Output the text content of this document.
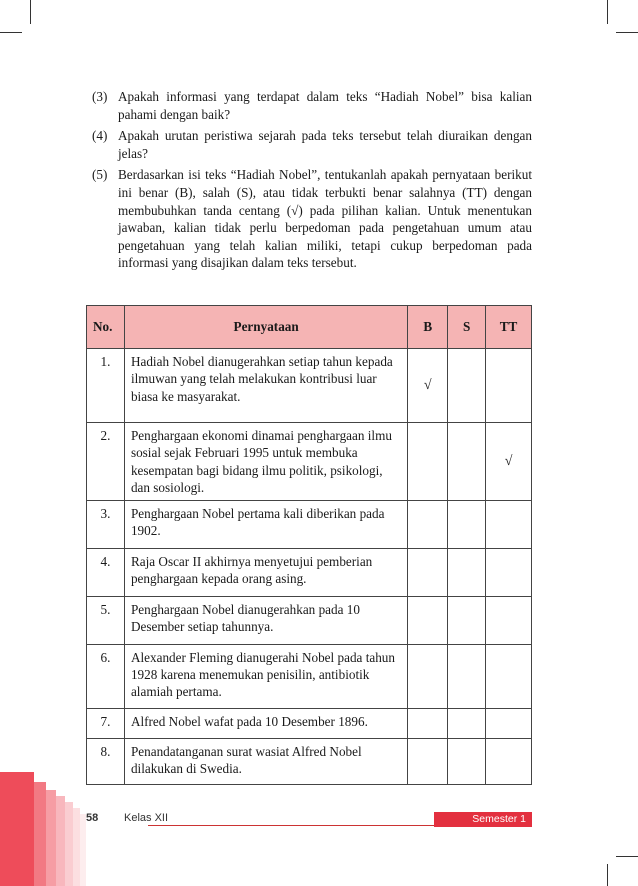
(3) Apakah informasi yang terdapat dalam teks “Hadiah Nobel” bisa kalian pahami dengan baik?
(4) Apakah urutan peristiwa sejarah pada teks tersebut telah diuraikan dengan jelas?
(5) Berdasarkan isi teks “Hadiah Nobel”, tentukanlah apakah pernyataan berikut ini benar (B), salah (S), atau tidak terbukti benar salahnya (TT) dengan membubuhkan tanda centang (√) pada pilihan kalian. Untuk menentukan jawaban, kalian tidak perlu berpedoman pada pengetahuan umum atau pengetahuan yang telah kalian miliki, tetapi cukup berpedoman pada informasi yang disajikan dalam teks tersebut.
No.	Pernyataan	B	S	TT
1.	Hadiah Nobel dianugerahkan setiap tahun kepada ilmuwan yang telah melakukan kontribusi luar biasa ke masyarakat.	√		
2.	Penghargaan ekonomi dinamai penghargaan ilmu sosial sejak Februari 1995 untuk membuka kesempatan bagi bidang ilmu politik, psikologi, dan sosiologi.			√
3.	Penghargaan Nobel pertama kali diberikan pada 1902.			
4.	Raja Oscar II akhirnya menyetujui pemberian penghargaan kepada orang asing.			
5.	Penghargaan Nobel dianugerahkan pada 10 Desember setiap tahunnya.			
6.	Alexander Fleming dianugerahi Nobel pada tahun 1928 karena menemukan penisilin, antibiotik alamiah pertama.			
7.	Alfred Nobel wafat pada 10 Desember 1896.			
8.	Penandatanganan surat wasiat Alfred Nobel dilakukan di Swedia.			
58 Kelas XII	Semester 1
